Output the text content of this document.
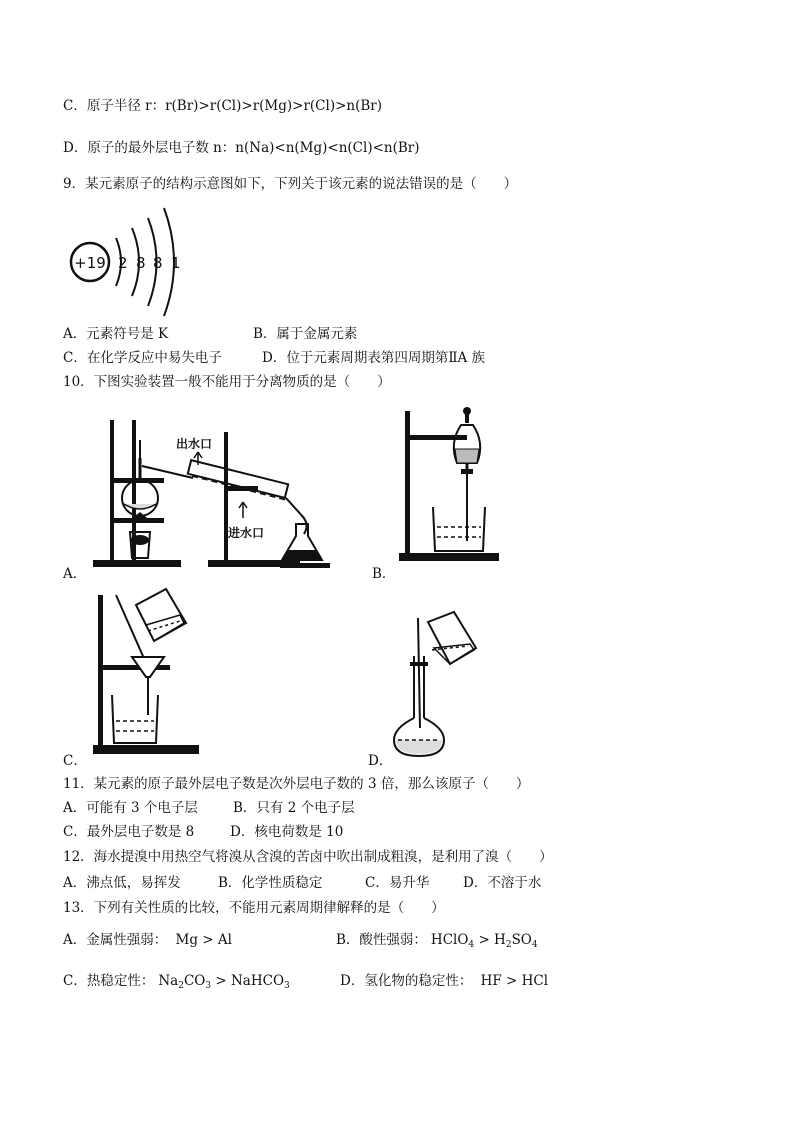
C．原子半径 r：r(Br)>r(Cl)>r(Mg)>r(Cl)>n(Br)
D．原子的最外层电子数 n：n(Na)<n(Mg)<n(Cl)<n(Br)
9．某元素原子的结构示意图如下，下列关于该元素的说法错误的是（　　）
+19 2 8 8 1
A．元素符号是 K	B．属于金属元素
C．在化学反应中易失电子	D．位于元素周期表第四周期第ⅡA 族
10．下图实验装置一般不能用于分离物质的是（　　）
出水口
进水口
A．	B．
C．	D．
11．某元素的原子最外层电子数是次外层电子数的 3 倍，那么该原子（　　）
A．可能有 3 个电子层	B．只有 2 个电子层
C．最外层电子数是 8	D．核电荷数是 10
12．海水提溴中用热空气将溴从含溴的苦卤中吹出制成粗溴，是利用了溴（　　）
A．沸点低，易挥发	B．化学性质稳定	C．易升华 D．不溶于水
13．下列有关性质的比较，不能用元素周期律解释的是（　　）
A．金属性强弱： Mg > Al	B．酸性强弱： HClO$_4$ > $H_2SO_4$
C．热稳定性： $Na_2CO_3$ > NaHCO$_3$	D．氢化物的稳定性： HF > HCl
